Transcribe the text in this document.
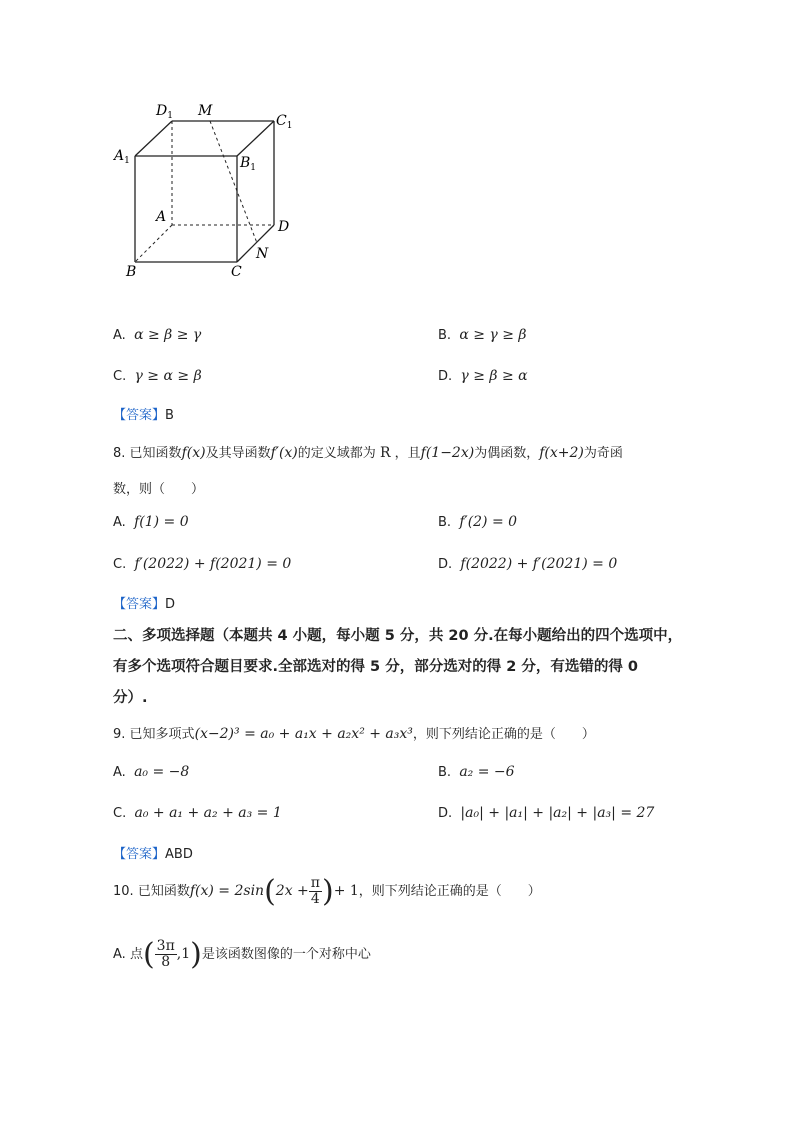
$D_1$ M
$C_1$
$A_1$	$B_1$
A
D
N
B	C
A. α ≥ β ≥ γ	B. α ≥ γ ≥ β
C. γ ≥ α ≥ β	D. γ ≥ β ≥ α
【答案】B
8. 已知函数f(x)及其导函数f′(x)的定义域都为 R ，且f(1−2x)为偶函数，f(x+2)为奇函
数，则（　　）
A. f(1) = 0	B. f′(2) = 0
C. f′(2022) + f(2021) = 0	D. f(2022) + f′(2021) = 0
【答案】D
二、多项选择题（本题共 4 小题，每小题 5 分，共 20 分.在每小题给出的四个选项中，
有多个选项符合题目要求.全部选对的得 5 分，部分选对的得 2 分，有选错的得 0
分）.
9. 已知多项式(x−2)³ = a₀ + a₁x + a₂x² + a₃x³，则下列结论正确的是（　　）
A. a₀ = −8	B. a₂ = −6
C. a₀ + a₁ + a₂ + a₃ = 1	D. |a₀| + |a₁| + |a₂| + |a₃| = 27
【答案】ABD
10. 已知函数$f(x) = 2\sin(2x + \frac{\pi}{4}$ )+ 1，则下列结论正确的是（　　）
A. 点( $\frac{3\pi}{8} ,1$)是该函数图像的一个对称中心
